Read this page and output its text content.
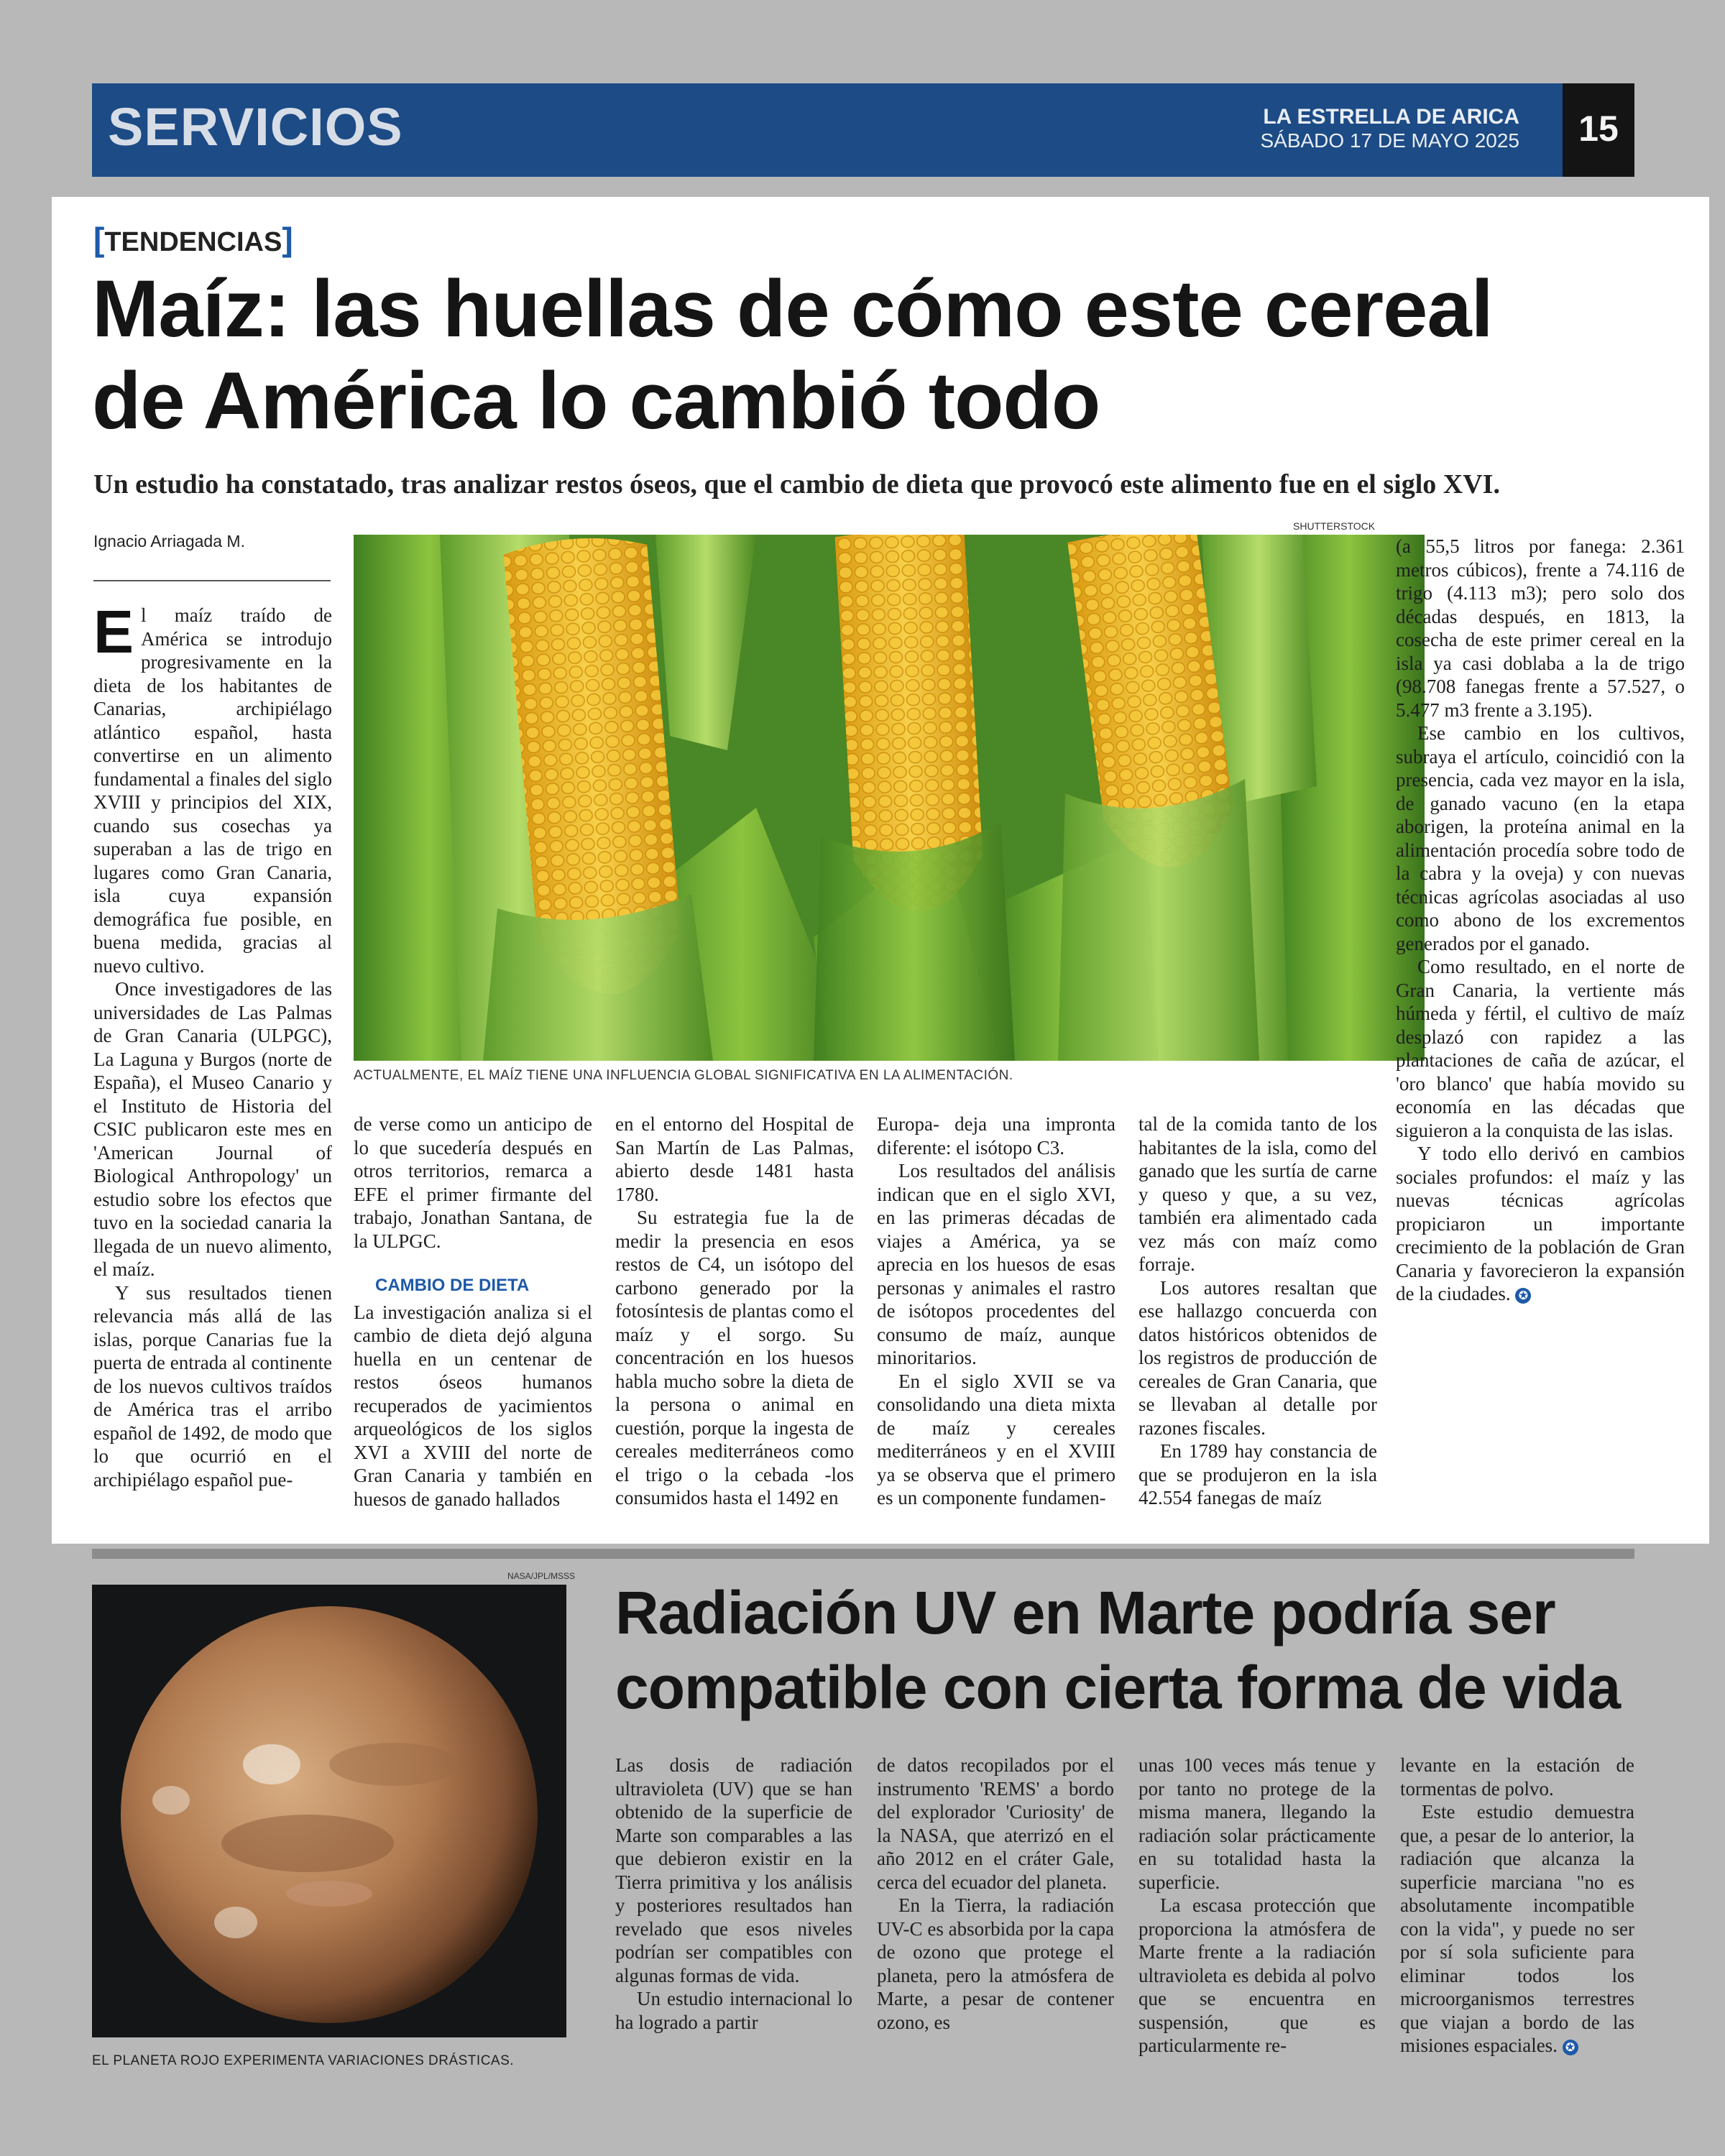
SERVICIOS	LA ESTRELLA DE ARICA
SÁBADO 17 DE MAYO 2025	15
[TENDENCIAS]
Maíz: las huellas de cómo este cereal
de América lo cambió todo
Un estudio ha constatado, tras analizar restos óseos, que el cambio de dieta que provocó este alimento fue en el siglo XVI.
Ignacio Arriagada M.
SHUTTERSTOCK
ACTUALMENTE, EL MAÍZ TIENE UNA INFLUENCIA GLOBAL SIGNIFICATIVA EN LA ALIMENTACIÓN.

El maíz traído de América se introdujo progresivamente en la dieta de los habitantes de Canarias, archipiélago atlántico español, hasta convertirse en un alimento fundamental a finales del siglo XVIII y principios del XIX, cuando sus cosechas ya superaban a las de trigo en lugares como Gran Canaria, isla cuya expansión demográfica fue posible, en buena medida, gracias al nuevo cultivo.

Once investigadores de las universidades de Las Palmas de Gran Canaria (ULPGC), La Laguna y Burgos (norte de España), el Museo Canario y el Instituto de Historia del CSIC publicaron este mes en 'American Journal of Biological Anthropology' un estudio sobre los efectos que tuvo en la sociedad canaria la llegada de un nuevo alimento, el maíz.

Y sus resultados tienen relevancia más allá de las islas, porque Canarias fue la puerta de entrada al continente de los nuevos cultivos traídos de América tras el arribo español de 1492, de modo que lo que ocurrió en el archipiélago español pue-

de verse como un anticipo de lo que sucedería después en otros territorios, remarca a EFE el primer firmante del trabajo, Jonathan Santana, de la ULPGC.

CAMBIO DE DIETA

La investigación analiza si el cambio de dieta dejó alguna huella en un centenar de restos óseos humanos recuperados de yacimientos arqueológicos de los siglos XVI a XVIII del norte de Gran Canaria y también en huesos de ganado hallados

en el entorno del Hospital de San Martín de Las Palmas, abierto desde 1481 hasta 1780.

Su estrategia fue la de medir la presencia en esos restos de C4, un isótopo del carbono generado por la fotosíntesis de plantas como el maíz y el sorgo. Su concentración en los huesos habla mucho sobre la dieta de la persona o animal en cuestión, porque la ingesta de cereales mediterráneos como el trigo o la cebada -los consumidos hasta el 1492 en

Europa- deja una impronta diferente: el isótopo C3.

Los resultados del análisis indican que en el siglo XVI, en las primeras décadas de viajes a América, ya se aprecia en los huesos de esas personas y animales el rastro de isótopos procedentes del consumo de maíz, aunque minoritarios.

En el siglo XVII se va consolidando una dieta mixta de maíz y cereales mediterráneos y en el XVIII ya se observa que el primero es un componente fundamen-

tal de la comida tanto de los habitantes de la isla, como del ganado que les surtía de carne y queso y que, a su vez, también era alimentado cada vez más con maíz como forraje.

Los autores resaltan que ese hallazgo concuerda con datos históricos obtenidos de los registros de producción de cereales de Gran Canaria, que se llevaban al detalle por razones fiscales.

En 1789 hay constancia de que se produjeron en la isla 42.554 fanegas de maíz

(a 55,5 litros por fanega: 2.361 metros cúbicos), frente a 74.116 de trigo (4.113 m3); pero solo dos décadas después, en 1813, la cosecha de este primer cereal en la isla ya casi doblaba a la de trigo (98.708 fanegas frente a 57.527, o 5.477 m3 frente a 3.195).

Ese cambio en los cultivos, subraya el artículo, coincidió con la presencia, cada vez mayor en la isla, de ganado vacuno (en la etapa aborigen, la proteína animal en la alimentación procedía sobre todo de la cabra y la oveja) y con nuevas técnicas agrícolas asociadas al uso como abono de los excrementos generados por el ganado.

Como resultado, en el norte de Gran Canaria, la vertiente más húmeda y fértil, el cultivo de maíz desplazó con rapidez a las plantaciones de caña de azúcar, el 'oro blanco' que había movido su economía en las décadas que siguieron a la conquista de las islas.

Y todo ello derivó en cambios sociales profundos: el maíz y las nuevas técnicas agrícolas propiciaron un importante crecimiento de la población de Gran Canaria y favorecieron la expansión de la ciudades. ✪

NASA/JPL/MSSS
EL PLANETA ROJO EXPERIMENTA VARIACIONES DRÁSTICAS.
Radiación UV en Marte podría ser
compatible con cierta forma de vida

Las dosis de radiación ultravioleta (UV) que se han obtenido de la superficie de Marte son comparables a las que debieron existir en la Tierra primitiva y los análisis y posteriores resultados han revelado que esos niveles podrían ser compatibles con algunas formas de vida.

Un estudio internacional lo ha logrado a partir

de datos recopilados por el instrumento 'REMS' a bordo del explorador 'Curiosity' de la NASA, que aterrizó en el año 2012 en el cráter Gale, cerca del ecuador del planeta.

En la Tierra, la radiación UV-C es absorbida por la capa de ozono que protege el planeta, pero la atmósfera de Marte, a pesar de contener ozono, es

unas 100 veces más tenue y por tanto no protege de la misma manera, llegando la radiación solar prácticamente en su totalidad hasta la superficie.

La escasa protección que proporciona la atmósfera de Marte frente a la radiación ultravioleta es debida al polvo que se encuentra en suspensión, que es particularmente re-

levante en la estación de tormentas de polvo.

Este estudio demuestra que, a pesar de lo anterior, la radiación que alcanza la superficie marciana "no es absolutamente incompatible con la vida", y puede no ser por sí sola suficiente para eliminar todos los microorganismos terrestres que viajan a bordo de las misiones espaciales. ✪
